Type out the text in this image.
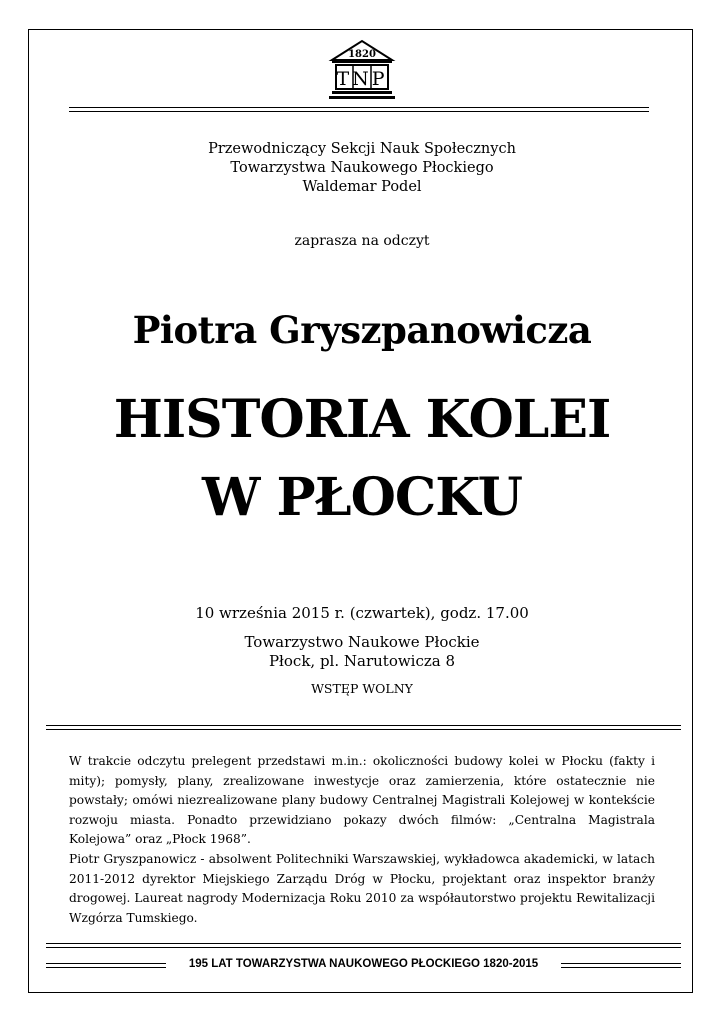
1820
TNP
Przewodniczący Sekcji Nauk Społecznych
Towarzystwa Naukowego Płockiego
Waldemar Podel
zaprasza na odczyt
Piotra Gryszpanowicza
HISTORIA KOLEI
W PŁOCKU
10 września 2015 r. (czwartek), godz. 17.00
Towarzystwo Naukowe Płockie
Płock, pl. Narutowicza 8
WSTĘP WOLNY
W trakcie odczytu prelegent przedstawi m.in.: okoliczności budowy kolei w Płocku (fakty i mity); pomysły, plany, zrealizowane inwestycje oraz zamierzenia, które ostatecznie nie powstały; omówi niezrealizowane plany budowy Centralnej Magistrali Kolejowej w kontekście rozwoju miasta. Ponadto przewidziano pokazy dwóch filmów: „Centralna Magistrala Kolejowa” oraz „Płock 1968”.
Piotr Gryszpanowicz - absolwent Politechniki Warszawskiej, wykładowca akademicki, w latach 2011-2012 dyrektor Miejskiego Zarządu Dróg w Płocku, projektant oraz inspektor branży drogowej. Laureat nagrody Modernizacja Roku 2010 za współautorstwo projektu Rewitalizacji Wzgórza Tumskiego.
195 LAT TOWARZYSTWA NAUKOWEGO PŁOCKIEGO 1820-2015
